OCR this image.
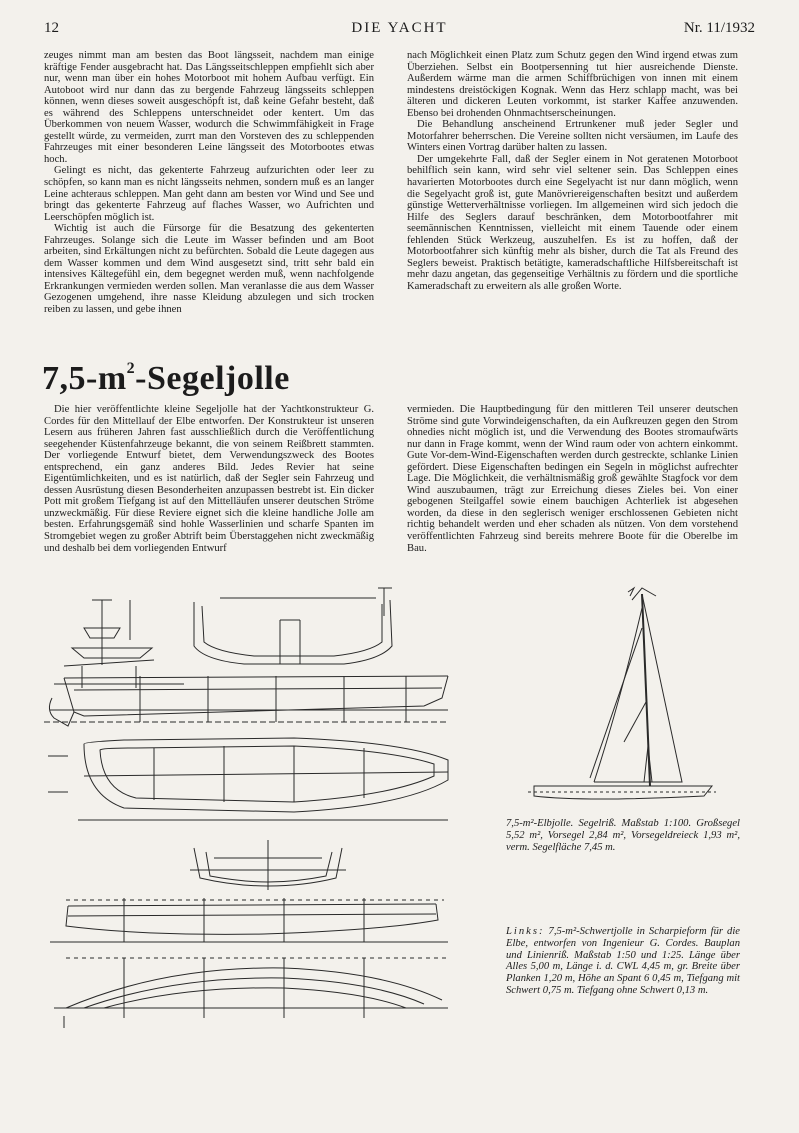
12	DIE YACHT	Nr. 11/1932

zeuges nimmt man am besten das Boot längsseit, nachdem man einige kräftige Fender ausgebracht hat. Das Längsseitschleppen empfiehlt sich aber nur, wenn man über ein hohes Motorboot mit hohem Aufbau verfügt. Ein Autoboot wird nur dann das zu bergende Fahrzeug längsseits schleppen können, wenn dieses soweit ausgeschöpft ist, daß keine Gefahr besteht, daß es während des Schleppens unterschneidet oder kentert. Um das Überkommen von neuem Wasser, wodurch die Schwimmfähigkeit in Frage gestellt würde, zu vermeiden, zurrt man den Vorsteven des zu schleppenden Fahrzeuges mit einer besonderen Leine längsseit des Motorbootes etwas hoch.

Gelingt es nicht, das gekenterte Fahrzeug aufzurichten oder leer zu schöpfen, so kann man es nicht längsseits nehmen, sondern muß es an langer Leine achteraus schleppen. Man geht dann am besten vor Wind und See und bringt das gekenterte Fahrzeug auf flaches Wasser, wo Aufrichten und Leerschöpfen möglich ist.

Wichtig ist auch die Fürsorge für die Besatzung des gekenterten Fahrzeuges. Solange sich die Leute im Wasser befinden und am Boot arbeiten, sind Erkältungen nicht zu befürchten. Sobald die Leute dagegen aus dem Wasser kommen und dem Wind ausgesetzt sind, tritt sehr bald ein intensives Kältegefühl ein, dem begegnet werden muß, wenn nachfolgende Erkrankungen vermieden werden sollen. Man veranlasse die aus dem Wasser Gezogenen umgehend, ihre nasse Kleidung abzulegen und sich trocken reiben zu lassen, und gebe ihnen

nach Möglichkeit einen Platz zum Schutz gegen den Wind irgend etwas zum Überziehen. Selbst ein Bootpersenning tut hier ausreichende Dienste. Außerdem wärme man die armen Schiffbrüchigen von innen mit einem mindestens dreistöckigen Kognak. Wenn das Herz schlapp macht, was bei älteren und dickeren Leuten vorkommt, ist starker Kaffee anzuwenden. Ebenso bei drohenden Ohnmachtserscheinungen.

Die Behandlung anscheinend Ertrunkener muß jeder Segler und Motorfahrer beherrschen. Die Vereine sollten nicht versäumen, im Laufe des Winters einen Vortrag darüber halten zu lassen.

Der umgekehrte Fall, daß der Segler einem in Not geratenen Motorboot behilflich sein kann, wird sehr viel seltener sein. Das Schleppen eines havarierten Motorbootes durch eine Segelyacht ist nur dann möglich, wenn die Segelyacht groß ist, gute Manövriereigenschaften besitzt und außerdem günstige Wetterverhältnisse vorliegen. Im allgemeinen wird sich jedoch die Hilfe des Seglers darauf beschränken, dem Motorbootfahrer mit seemännischen Kenntnissen, vielleicht mit einem Tauende oder einem fehlenden Stück Werkzeug, auszuhelfen. Es ist zu hoffen, daß der Motorbootfahrer sich künftig mehr als bisher, durch die Tat als Freund des Seglers beweist. Praktisch betätigte, kameradschaftliche Hilfsbereitschaft ist mehr dazu angetan, das gegenseitige Verhältnis zu fördern und die sportliche Kameradschaft zu erweitern als alle großen Worte.

$7,5-m^2$-Segeljolle

Die hier veröffentlichte kleine Segeljolle hat der Yachtkonstrukteur G. Cordes für den Mittellauf der Elbe entworfen. Der Konstrukteur ist unseren Lesern aus früheren Jahren fast ausschließlich durch die Veröffentlichung seegehender Küstenfahrzeuge bekannt, die von seinem Reißbrett stammten. Der vorliegende Entwurf bietet, dem Verwendungszweck des Bootes entsprechend, ein ganz anderes Bild. Jedes Revier hat seine Eigentümlichkeiten, und es ist natürlich, daß der Segler sein Fahrzeug und dessen Ausrüstung diesen Besonderheiten anzupassen bestrebt ist. Ein dicker Pott mit großem Tiefgang ist auf den Mittelläufen unserer deutschen Ströme unzweckmäßig. Für diese Reviere eignet sich die kleine handliche Jolle am besten. Erfahrungsgemäß sind hohle Wasserlinien und scharfe Spanten im Stromgebiet wegen zu großer Abtrift beim Überstaggehen nicht zweckmäßig und deshalb bei dem vorliegenden Entwurf

vermieden. Die Hauptbedingung für den mittleren Teil unserer deutschen Ströme sind gute Vorwindeigenschaften, da ein Aufkreuzen gegen den Strom ohnedies nicht möglich ist, und die Verwendung des Bootes stromaufwärts nur dann in Frage kommt, wenn der Wind raum oder von achtern einkommt. Gute Vor-dem-Wind-Eigenschaften werden durch gestreckte, schlanke Linien gefördert. Diese Eigenschaften bedingen ein Segeln in möglichst aufrechter Lage. Die Möglichkeit, die verhältnismäßig groß gewählte Stagfock vor dem Wind auszubaumen, trägt zur Erreichung dieses Zieles bei. Von einer gebogenen Steilgaffel sowie einem bauchigen Achterliek ist abgesehen worden, da diese in den seglerisch weniger erschlossenen Gebieten nicht richtig behandelt werden und eher schaden als nützen. Von dem vorstehend veröffentlichten Fahrzeug sind bereits mehrere Boote für die Oberelbe im Bau.

7,5-m²-Elbjolle. Segelriß. Maßstab 1:100. Großsegel 5,52 m², Vorsegel 2,84 m², Vorsegeldreieck 1,93 m², verm. Segelfläche 7,45 m.
Links: 7,5-m²-Schwertjolle in Scharpieform für die Elbe, entworfen von Ingenieur G. Cordes. Bauplan und Linienriß. Maßstab 1:50 und 1:25. Länge über Alles 5,00 m, Länge i. d. CWL 4,45 m, gr. Breite über Planken 1,20 m, Höhe an Spant 6 0,45 m, Tiefgang mit Schwert 0,75 m. Tiefgang ohne Schwert 0,13 m.
